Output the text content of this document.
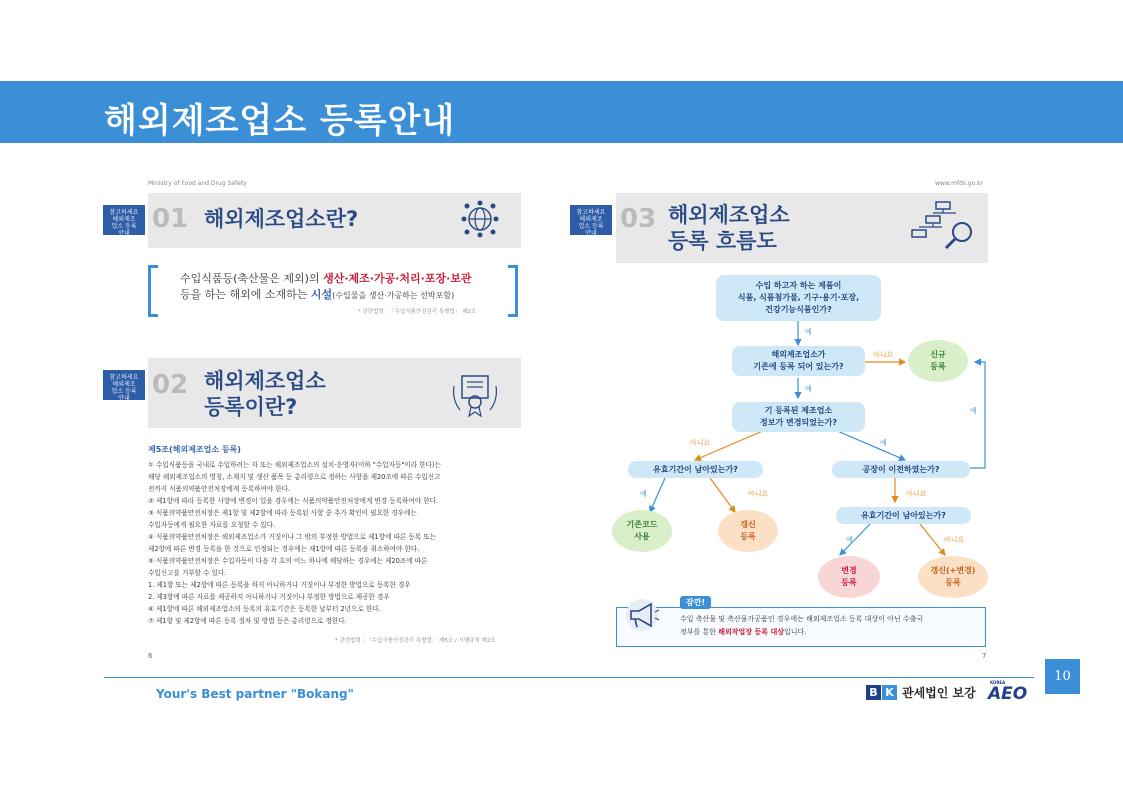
해외제조업소 등록안내
Ministry of Food and Drug Safety	www.mfds.go.kr
참고하세요
해외제조
업소 등록
안내 01 해외제조업소란?
수입식품등(축산물은 제외)의 생산·제조·가공·처리·포장·보관
등을 하는 해외에 소재하는 시설(수입물을 생산·가공하는 선박포함)
* 관련법령 : 「수입식품안전관리 특별법」 제2조
참고하세요
해외제조
업소 등록
안내 02 해외제조업소
등록이란?
제5조(해외제조업소 등록)
① 수입식품등을 국내로 수입하려는 자 또는 해외제조업소의 설치·운영자(이하 "수입자등"이라 한다)는
해당 해외제조업소의 명칭, 소재지 및 생산 품목 등 총리령으로 정하는 사항을 제20조에 따른 수입신고
전까지 식품의약품안전처장에게 등록하여야 한다.
② 제1항에 따라 등록한 사항에 변경이 있을 경우에는 식품의약품안전처장에게 변경 등록하여야 한다.
③ 식품의약품안전처장은 제1항 및 제2항에 따라 등록된 사항 중 추가 확인이 필요한 경우에는
수입자등에게 필요한 자료를 요청할 수 있다.
④ 식품의약품안전처장은 해외제조업소가 거짓이나 그 밖의 부정한 방법으로 제1항에 따른 등록 또는
제2항에 따른 변경 등록을 한 것으로 인정되는 경우에는 제1항에 따른 등록을 취소하여야 한다.
⑤ 식품의약품안전처장은 수입자등이 다음 각 호의 어느 하나에 해당하는 경우에는 제20조에 따른
수입신고를 거부할 수 있다.
1. 제1항 또는 제2항에 따른 등록을 하지 아니하거나 거짓이나 부정한 방법으로 등록한 경우
2. 제3항에 따른 자료를 제공하지 아니하거나 거짓이나 부정한 방법으로 제공한 경우
⑥ 제1항에 따른 해외제조업소의 등록의 유효기간은 등록한 날부터 2년으로 한다.
⑦ 제1항 및 제2항에 따른 등록 절차 및 방법 등은 총리령으로 정한다.
* 관련법령 : 「수입식품안전관리 특별법」 제5조 / 시행규칙 제2조
6
참고하세요
해외제조
업소 등록
안내 03 해외제조업소
등록 흐름도
수입 하고자 하는 제품이
식품, 식품첨가물, 기구·용기·포장,
건강기능식품인가?
해외제조업소가
기존에 등록 되어 있는가?
기 등록된 제조업소
정보가 변경되었는가?
유효기간이 남아있는가?	공장이 이전하였는가?
유효기간이 남아있는가?
신규
등록
기존코드
사용
갱신
등록
변경
등록
갱신(+변경)
등록
예
아니요
예
아니요	예
예
예	아니요	아니요
예	아니요
잠깐!
수입 축산물 및 축산물가공품인 경우에는 해외제조업소 등록 대상이 아닌 수출국
정부를 통한 해외작업장 등록 대상입니다.
7
Your's Best partner "Bokang"	B K 관세법인 보강
KOREA
AEO
10
